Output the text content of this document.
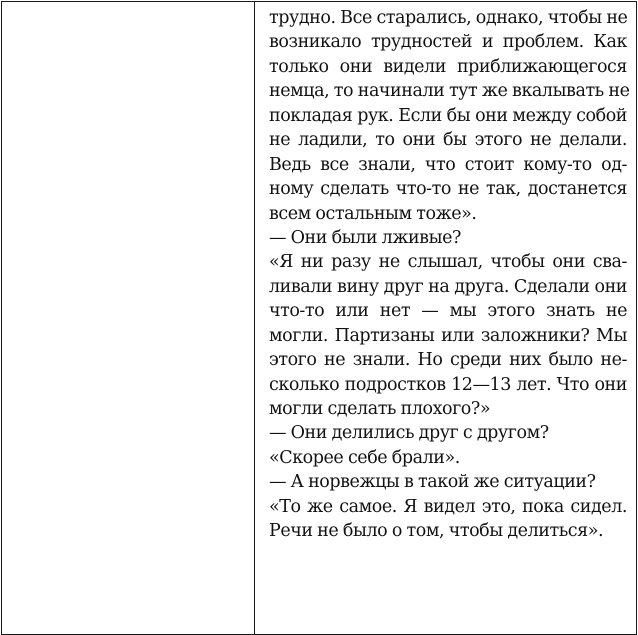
трудно. Все старались, однако, чтобы не
возникало трудностей и проблем. Как
только они видели приближающегося
немца, то начинали тут же вкалывать не
покладая рук. Если бы они между собой
не ладили, то они бы этого не делали.
Ведь все знали, что стоит кому-то од-
ному сделать что-то не так, достанется
всем остальным тоже».
— Они были лживые?
«Я ни разу не слышал, чтобы они сва-
ливали вину друг на друга. Сделали они
что-то или нет — мы этого знать не
могли. Партизаны или заложники? Мы
этого не знали. Но среди них было не-
сколько подростков 12—13 лет. Что они
могли сделать плохого?»
— Они делились друг с другом?
«Скорее себе брали».
— А норвежцы в такой же ситуации?
«То же самое. Я видел это, пока сидел.
Речи не было о том, чтобы делиться».
